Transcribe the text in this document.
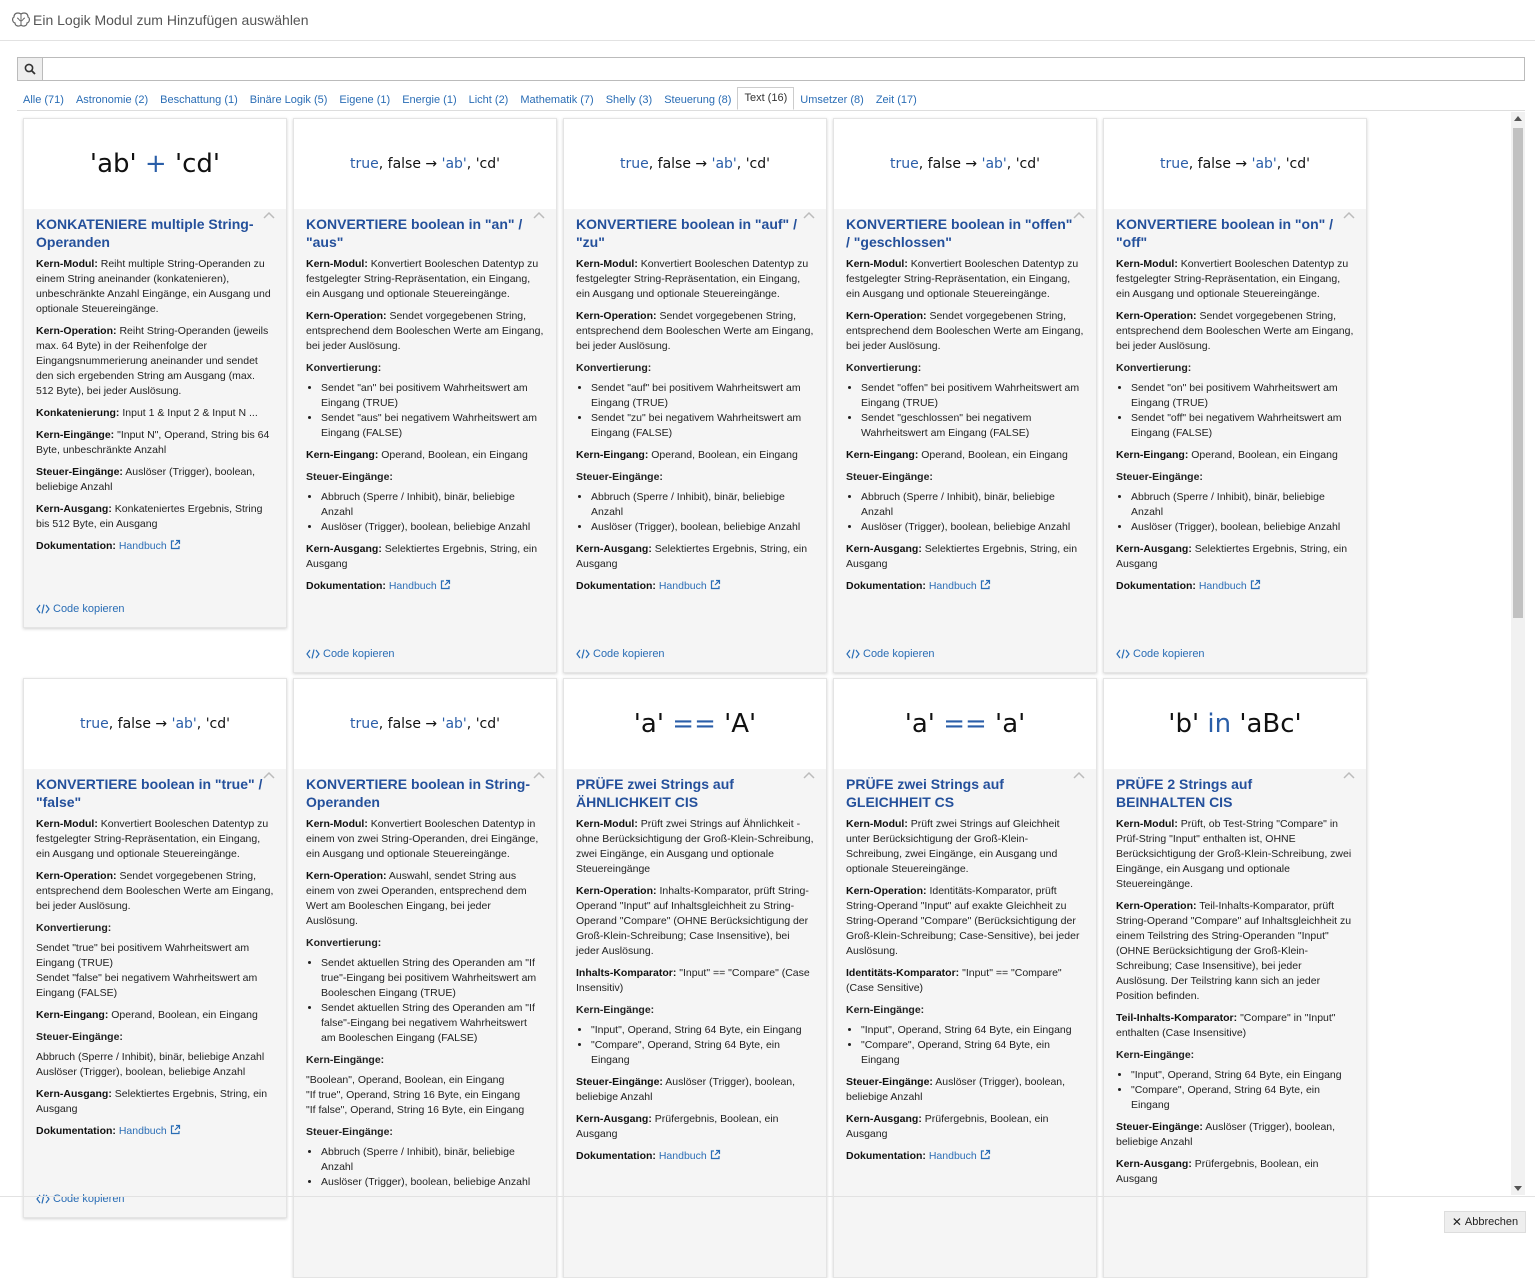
Ein Logik Modul zum Hinzufügen auswählen
Alle (71)	Astronomie (2)	Beschattung (1)	Binäre Logik (5)	Eigene (1)	Energie (1)	Licht (2)	Mathematik (7)	Shelly (3)	Steuerung (8)	Text (16)	Umsetzer (8)	Zeit (17)
'ab'
+
'cd'
KONKATENIERE multiple String-Operanden
Kern-Modul: Reiht multiple String-Operanden zu einem String aneinander (konkatenieren), unbeschränkte Anzahl Eingänge, ein Ausgang und optionale Steuereingänge.
Kern-Operation: Reiht String-Operanden (jeweils max. 64 Byte) in der Reihenfolge der Eingangsnummerierung aneinander und sendet den sich ergebenden String am Ausgang (max. 512 Byte), bei jeder Auslösung.
Konkatenierung: Input 1 & Input 2 & Input N ...
Kern-Eingänge: "Input N", Operand, String bis 64 Byte, unbeschränkte Anzahl
Steuer-Eingänge: Auslöser (Trigger), boolean, beliebige Anzahl
Kern-Ausgang: Konkateniertes Ergebnis, String bis 512 Byte, ein Ausgang
Dokumentation: Handbuch
Code kopieren
true , false
→
'ab' , 'cd'
KONVERTIERE boolean in "an" / "aus"
Kern-Modul: Konvertiert Booleschen Datentyp zu festgelegter String-Repräsentation, ein Eingang, ein Ausgang und optionale Steuereingänge.
Kern-Operation: Sendet vorgegebenen String, entsprechend dem Booleschen Werte am Eingang, bei jeder Auslösung.
Konvertierung:
• Sendet "an" bei positivem Wahrheitswert am Eingang (TRUE)
• Sendet "aus" bei negativem Wahrheitswert am Eingang (FALSE)
Kern-Eingang: Operand, Boolean, ein Eingang
Steuer-Eingänge:
• Abbruch (Sperre / Inhibit), binär, beliebige Anzahl
• Auslöser (Trigger), boolean, beliebige Anzahl
Kern-Ausgang: Selektiertes Ergebnis, String, ein Ausgang
Dokumentation: Handbuch
Code kopieren
true , false
→
'ab' , 'cd'
KONVERTIERE boolean in "auf" / "zu"
Kern-Modul: Konvertiert Booleschen Datentyp zu festgelegter String-Repräsentation, ein Eingang, ein Ausgang und optionale Steuereingänge.
Kern-Operation: Sendet vorgegebenen String, entsprechend dem Booleschen Werte am Eingang, bei jeder Auslösung.
Konvertierung:
• Sendet "auf" bei positivem Wahrheitswert am Eingang (TRUE)
• Sendet "zu" bei negativem Wahrheitswert am Eingang (FALSE)
Kern-Eingang: Operand, Boolean, ein Eingang
Steuer-Eingänge:
• Abbruch (Sperre / Inhibit), binär, beliebige Anzahl
• Auslöser (Trigger), boolean, beliebige Anzahl
Kern-Ausgang: Selektiertes Ergebnis, String, ein Ausgang
Dokumentation: Handbuch
Code kopieren
true , false
→
'ab' , 'cd'
KONVERTIERE boolean in "offen" / "geschlossen"
Kern-Modul: Konvertiert Booleschen Datentyp zu festgelegter String-Repräsentation, ein Eingang, ein Ausgang und optionale Steuereingänge.
Kern-Operation: Sendet vorgegebenen String, entsprechend dem Booleschen Werte am Eingang, bei jeder Auslösung.
Konvertierung:
• Sendet "offen" bei positivem Wahrheitswert am Eingang (TRUE)
• Sendet "geschlossen" bei negativem Wahrheitswert am Eingang (FALSE)
Kern-Eingang: Operand, Boolean, ein Eingang
Steuer-Eingänge:
• Abbruch (Sperre / Inhibit), binär, beliebige Anzahl
• Auslöser (Trigger), boolean, beliebige Anzahl
Kern-Ausgang: Selektiertes Ergebnis, String, ein Ausgang
Dokumentation: Handbuch
Code kopieren
true , false
→
'ab' , 'cd'
KONVERTIERE boolean in "on" / "off"
Kern-Modul: Konvertiert Booleschen Datentyp zu festgelegter String-Repräsentation, ein Eingang, ein Ausgang und optionale Steuereingänge.
Kern-Operation: Sendet vorgegebenen String, entsprechend dem Booleschen Werte am Eingang, bei jeder Auslösung.
Konvertierung:
• Sendet "on" bei positivem Wahrheitswert am Eingang (TRUE)
• Sendet "off" bei negativem Wahrheitswert am Eingang (FALSE)
Kern-Eingang: Operand, Boolean, ein Eingang
Steuer-Eingänge:
• Abbruch (Sperre / Inhibit), binär, beliebige Anzahl
• Auslöser (Trigger), boolean, beliebige Anzahl
Kern-Ausgang: Selektiertes Ergebnis, String, ein Ausgang
Dokumentation: Handbuch
Code kopieren
true , false
→
'ab' , 'cd'
KONVERTIERE boolean in "true" / "false"
Kern-Modul: Konvertiert Booleschen Datentyp zu festgelegter String-Repräsentation, ein Eingang, ein Ausgang und optionale Steuereingänge.
Kern-Operation: Sendet vorgegebenen String, entsprechend dem Booleschen Werte am Eingang, bei jeder Auslösung.
Konvertierung:
Sendet "true" bei positivem Wahrheitswert am Eingang (TRUE)
Sendet "false" bei negativem Wahrheitswert am Eingang (FALSE)
Kern-Eingang: Operand, Boolean, ein Eingang
Steuer-Eingänge:
Abbruch (Sperre / Inhibit), binär, beliebige Anzahl
Auslöser (Trigger), boolean, beliebige Anzahl
Kern-Ausgang: Selektiertes Ergebnis, String, ein Ausgang
Dokumentation: Handbuch
Code kopieren
true , false
→
'ab' , 'cd'
KONVERTIERE boolean in String-Operanden
Kern-Modul: Konvertiert Booleschen Datentyp in einem von zwei String-Operanden, drei Eingänge, ein Ausgang und optionale Steuereingänge.
Kern-Operation: Auswahl, sendet String aus einem von zwei Operanden, entsprechend dem Wert am Booleschen Eingang, bei jeder Auslösung.
Konvertierung:
• Sendet aktuellen String des Operanden am "If true"-Eingang bei positivem Wahrheitswert am Booleschen Eingang (TRUE)
• Sendet aktuellen String des Operanden am "If false"-Eingang bei negativem Wahrheitswert am Booleschen Eingang (FALSE)
Kern-Eingänge:
"Boolean", Operand, Boolean, ein Eingang
"If true", Operand, String 16 Byte, ein Eingang
"If false", Operand, String 16 Byte, ein Eingang
Steuer-Eingänge:
• Abbruch (Sperre / Inhibit), binär, beliebige Anzahl
• Auslöser (Trigger), boolean, beliebige Anzahl
'a'
==
'A'
PRÜFE zwei Strings auf ÄHNLICHKEIT CIS
Kern-Modul: Prüft zwei Strings auf Ähnlichkeit - ohne Berücksichtigung der Groß-Klein-Schreibung, zwei Eingänge, ein Ausgang und optionale Steuereingänge
Kern-Operation: Inhalts-Komparator, prüft String-Operand "Input" auf Inhaltsgleichheit zu String-Operand "Compare" (OHNE Berücksichtigung der Groß-Klein-Schreibung; Case Insensitive), bei jeder Auslösung.
Inhalts-Komparator: "Input" == "Compare" (Case Insensitiv)
Kern-Eingänge:
• "Input", Operand, String 64 Byte, ein Eingang
• "Compare", Operand, String 64 Byte, ein Eingang
Steuer-Eingänge: Auslöser (Trigger), boolean, beliebige Anzahl
Kern-Ausgang: Prüfergebnis, Boolean, ein Ausgang
Dokumentation: Handbuch
'a'
==
'a'
PRÜFE zwei Strings auf GLEICHHEIT CS
Kern-Modul: Prüft zwei Strings auf Gleichheit unter Berücksichtigung der Groß-Klein-Schreibung, zwei Eingänge, ein Ausgang und optionale Steuereingänge.
Kern-Operation: Identitäts-Komparator, prüft String-Operand "Input" auf exakte Gleichheit zu String-Operand "Compare" (Berücksichtigung der Groß-Klein-Schreibung; Case-Sensitive), bei jeder Auslösung.
Identitäts-Komparator: "Input" == "Compare" (Case Sensitive)
Kern-Eingänge:
• "Input", Operand, String 64 Byte, ein Eingang
• "Compare", Operand, String 64 Byte, ein Eingang
Steuer-Eingänge: Auslöser (Trigger), boolean, beliebige Anzahl
Kern-Ausgang: Prüfergebnis, Boolean, ein Ausgang
Dokumentation: Handbuch
'b'
in
'aBc'
PRÜFE 2 Strings auf BEINHALTEN CIS
Kern-Modul: Prüft, ob Test-String "Compare" in Prüf-String "Input" enthalten ist, OHNE Berücksichtigung der Groß-Klein-Schreibung, zwei Eingänge, ein Ausgang und optionale Steuereingänge.
Kern-Operation: Teil-Inhalts-Komparator, prüft String-Operand "Compare" auf Inhaltsgleichheit zu einem Teilstring des String-Operanden "Input" (OHNE Berücksichtigung der Groß-Klein-Schreibung; Case Insensitive), bei jeder Auslösung. Der Teilstring kann sich an jeder Position befinden.
Teil-Inhalts-Komparator: "Compare" in "Input" enthalten (Case Insensitive)
Kern-Eingänge:
• "Input", Operand, String 64 Byte, ein Eingang
• "Compare", Operand, String 64 Byte, ein Eingang
Steuer-Eingänge: Auslöser (Trigger), boolean, beliebige Anzahl
Kern-Ausgang: Prüfergebnis, Boolean, ein Ausgang
✕ Abbrechen
